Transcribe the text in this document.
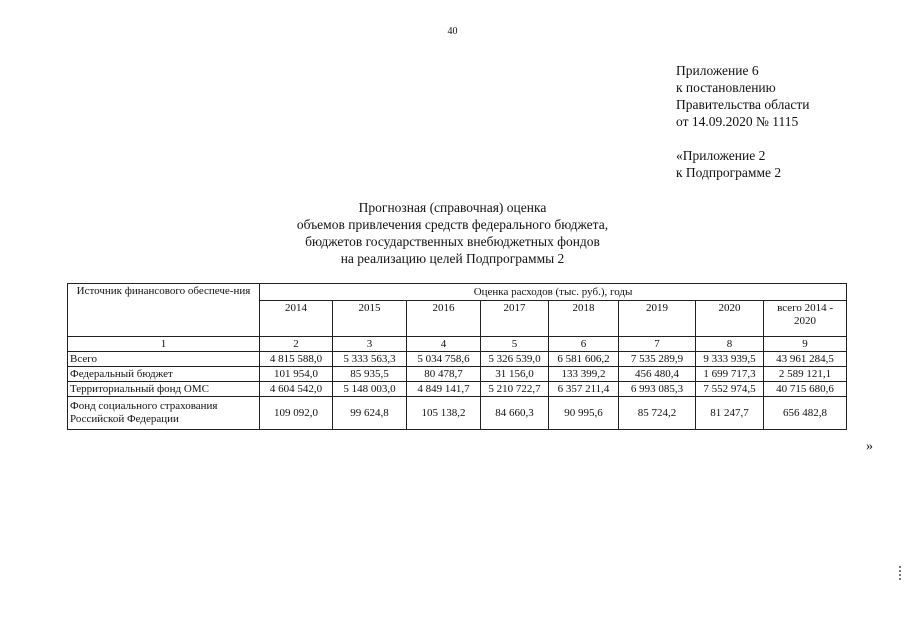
40
Приложение 6
к постановлению
Правительства области
от 14.09.2020 № 1115
«Приложение 2
к Подпрограмме 2
Прогнозная (справочная) оценка
объемов привлечения средств федерального бюджета,
бюджетов государственных внебюджетных фондов
на реализацию целей Подпрограммы 2
Источник финансового обеспече-ния	Оценка расходов (тыс. руб.), годы							
	2014	2015	2016	2017	2018	2019	2020	всего 2014 - 2020
1	2	3	4	5	6	7	8	9
Всего	4 815 588,0	5 333 563,3	5 034 758,6	5 326 539,0	6 581 606,2	7 535 289,9	9 333 939,5	43 961 284,5
Федеральный бюджет	101 954,0	85 935,5	80 478,7	31 156,0	133 399,2	456 480,4	1 699 717,3	2 589 121,1
Территориальный фонд ОМС	4 604 542,0	5 148 003,0	4 849 141,7	5 210 722,7	6 357 211,4	6 993 085,3	7 552 974,5	40 715 680,6
Фонд социального страхования Российской Федерации	109 092,0	99 624,8	105 138,2	84 660,3	90 995,6	85 724,2	81 247,7	656 482,8
»
